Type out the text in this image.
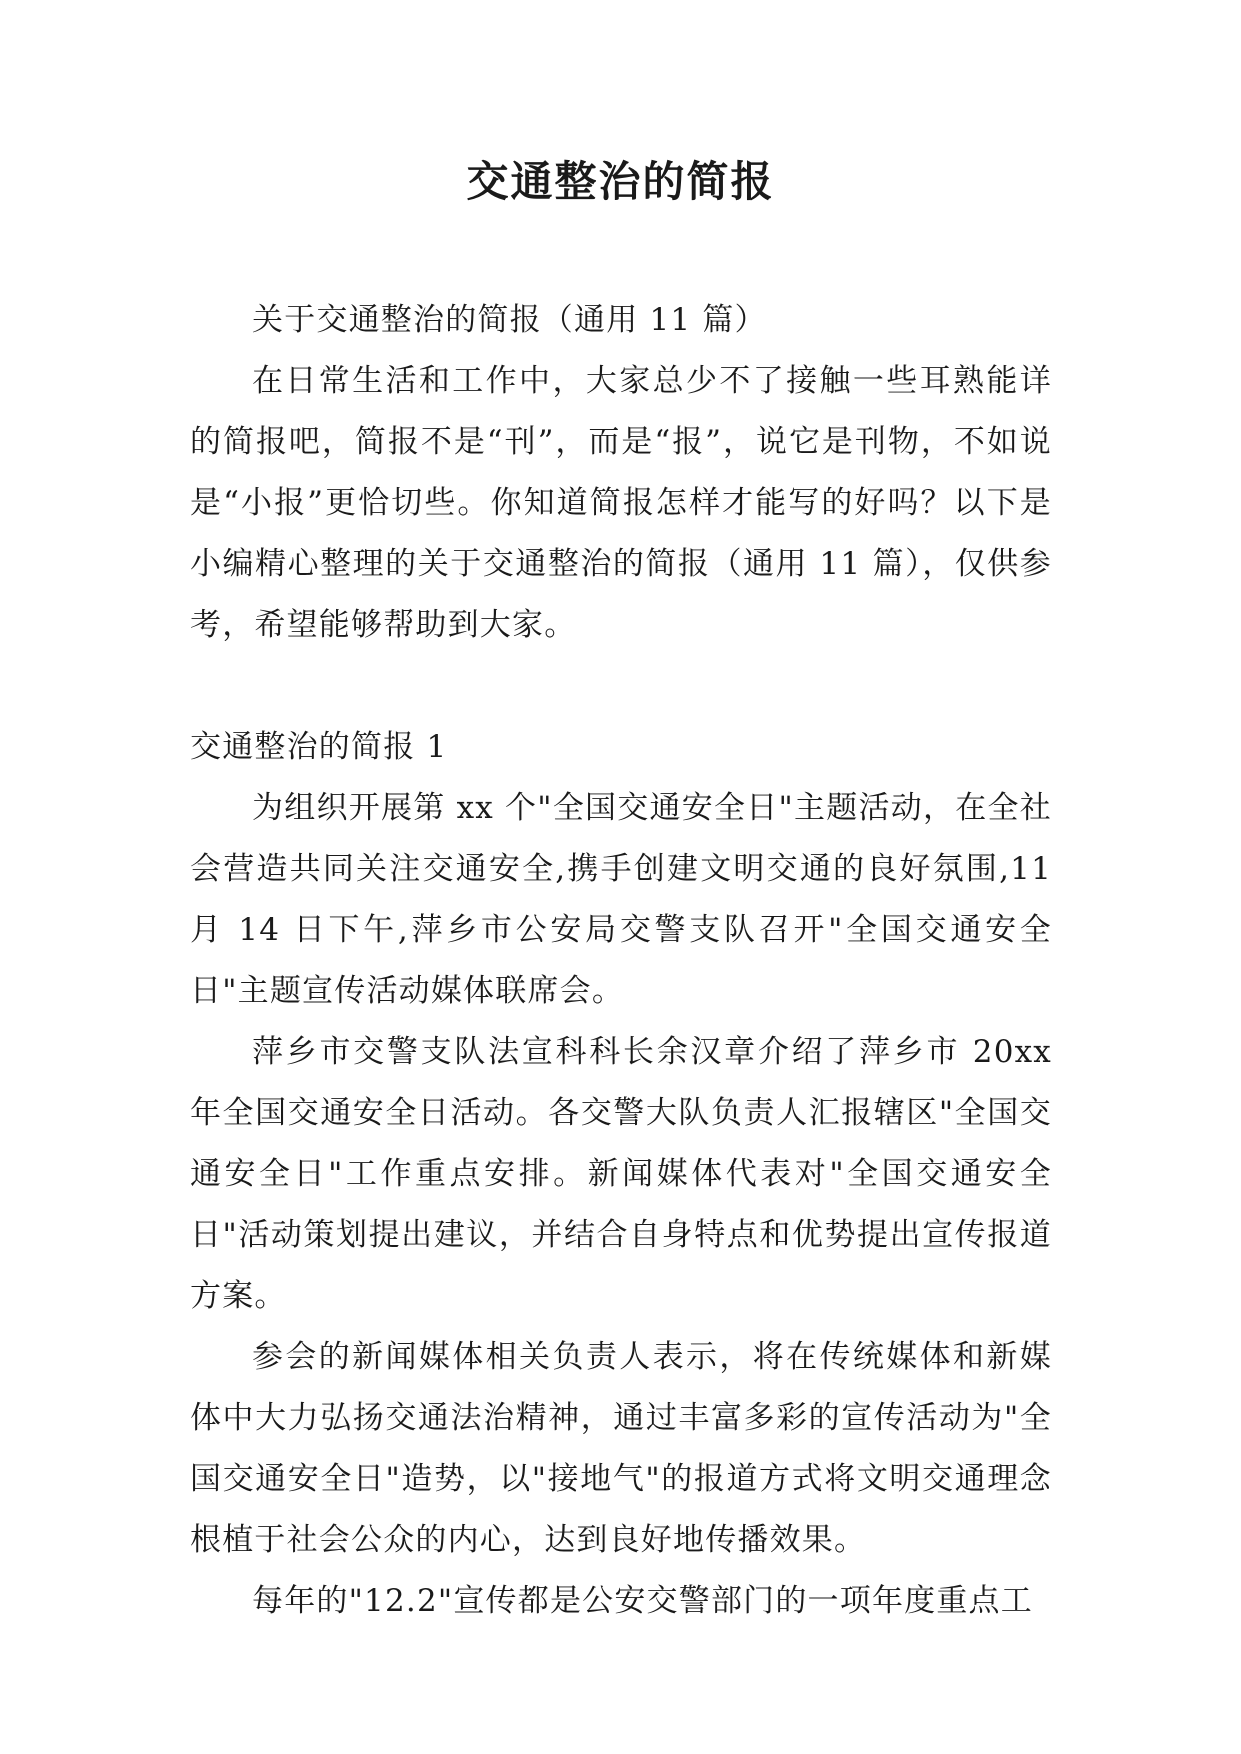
交通整治的简报

关于交通整治的简报（通用 11 篇）

在日常生活和工作中，大家总少不了接触一些耳熟能详的简报吧，简报不是“刊”，而是“报”，说它是刊物，不如说是“小报”更恰切些。你知道简报怎样才能写的好吗？以下是小编精心整理的关于交通整治的简报（通用 11 篇），仅供参考，希望能够帮助到大家。

交通整治的简报 1

为组织开展第 xx 个"全国交通安全日"主题活动，在全社会营造共同关注交通安全,携手创建文明交通的良好氛围,11 月 14 日下午,萍乡市公安局交警支队召开"全国交通安全日"主题宣传活动媒体联席会。

萍乡市交警支队法宣科科长余汉章介绍了萍乡市 20xx 年全国交通安全日活动。各交警大队负责人汇报辖区"全国交通安全日"工作重点安排。新闻媒体代表对"全国交通安全日"活动策划提出建议，并结合自身特点和优势提出宣传报道方案。

参会的新闻媒体相关负责人表示，将在传统媒体和新媒体中大力弘扬交通法治精神，通过丰富多彩的宣传活动为"全国交通安全日"造势，以"接地气"的报道方式将文明交通理念根植于社会公众的内心，达到良好地传播效果。

每年的"12.2"宣传都是公安交警部门的一项年度重点工
